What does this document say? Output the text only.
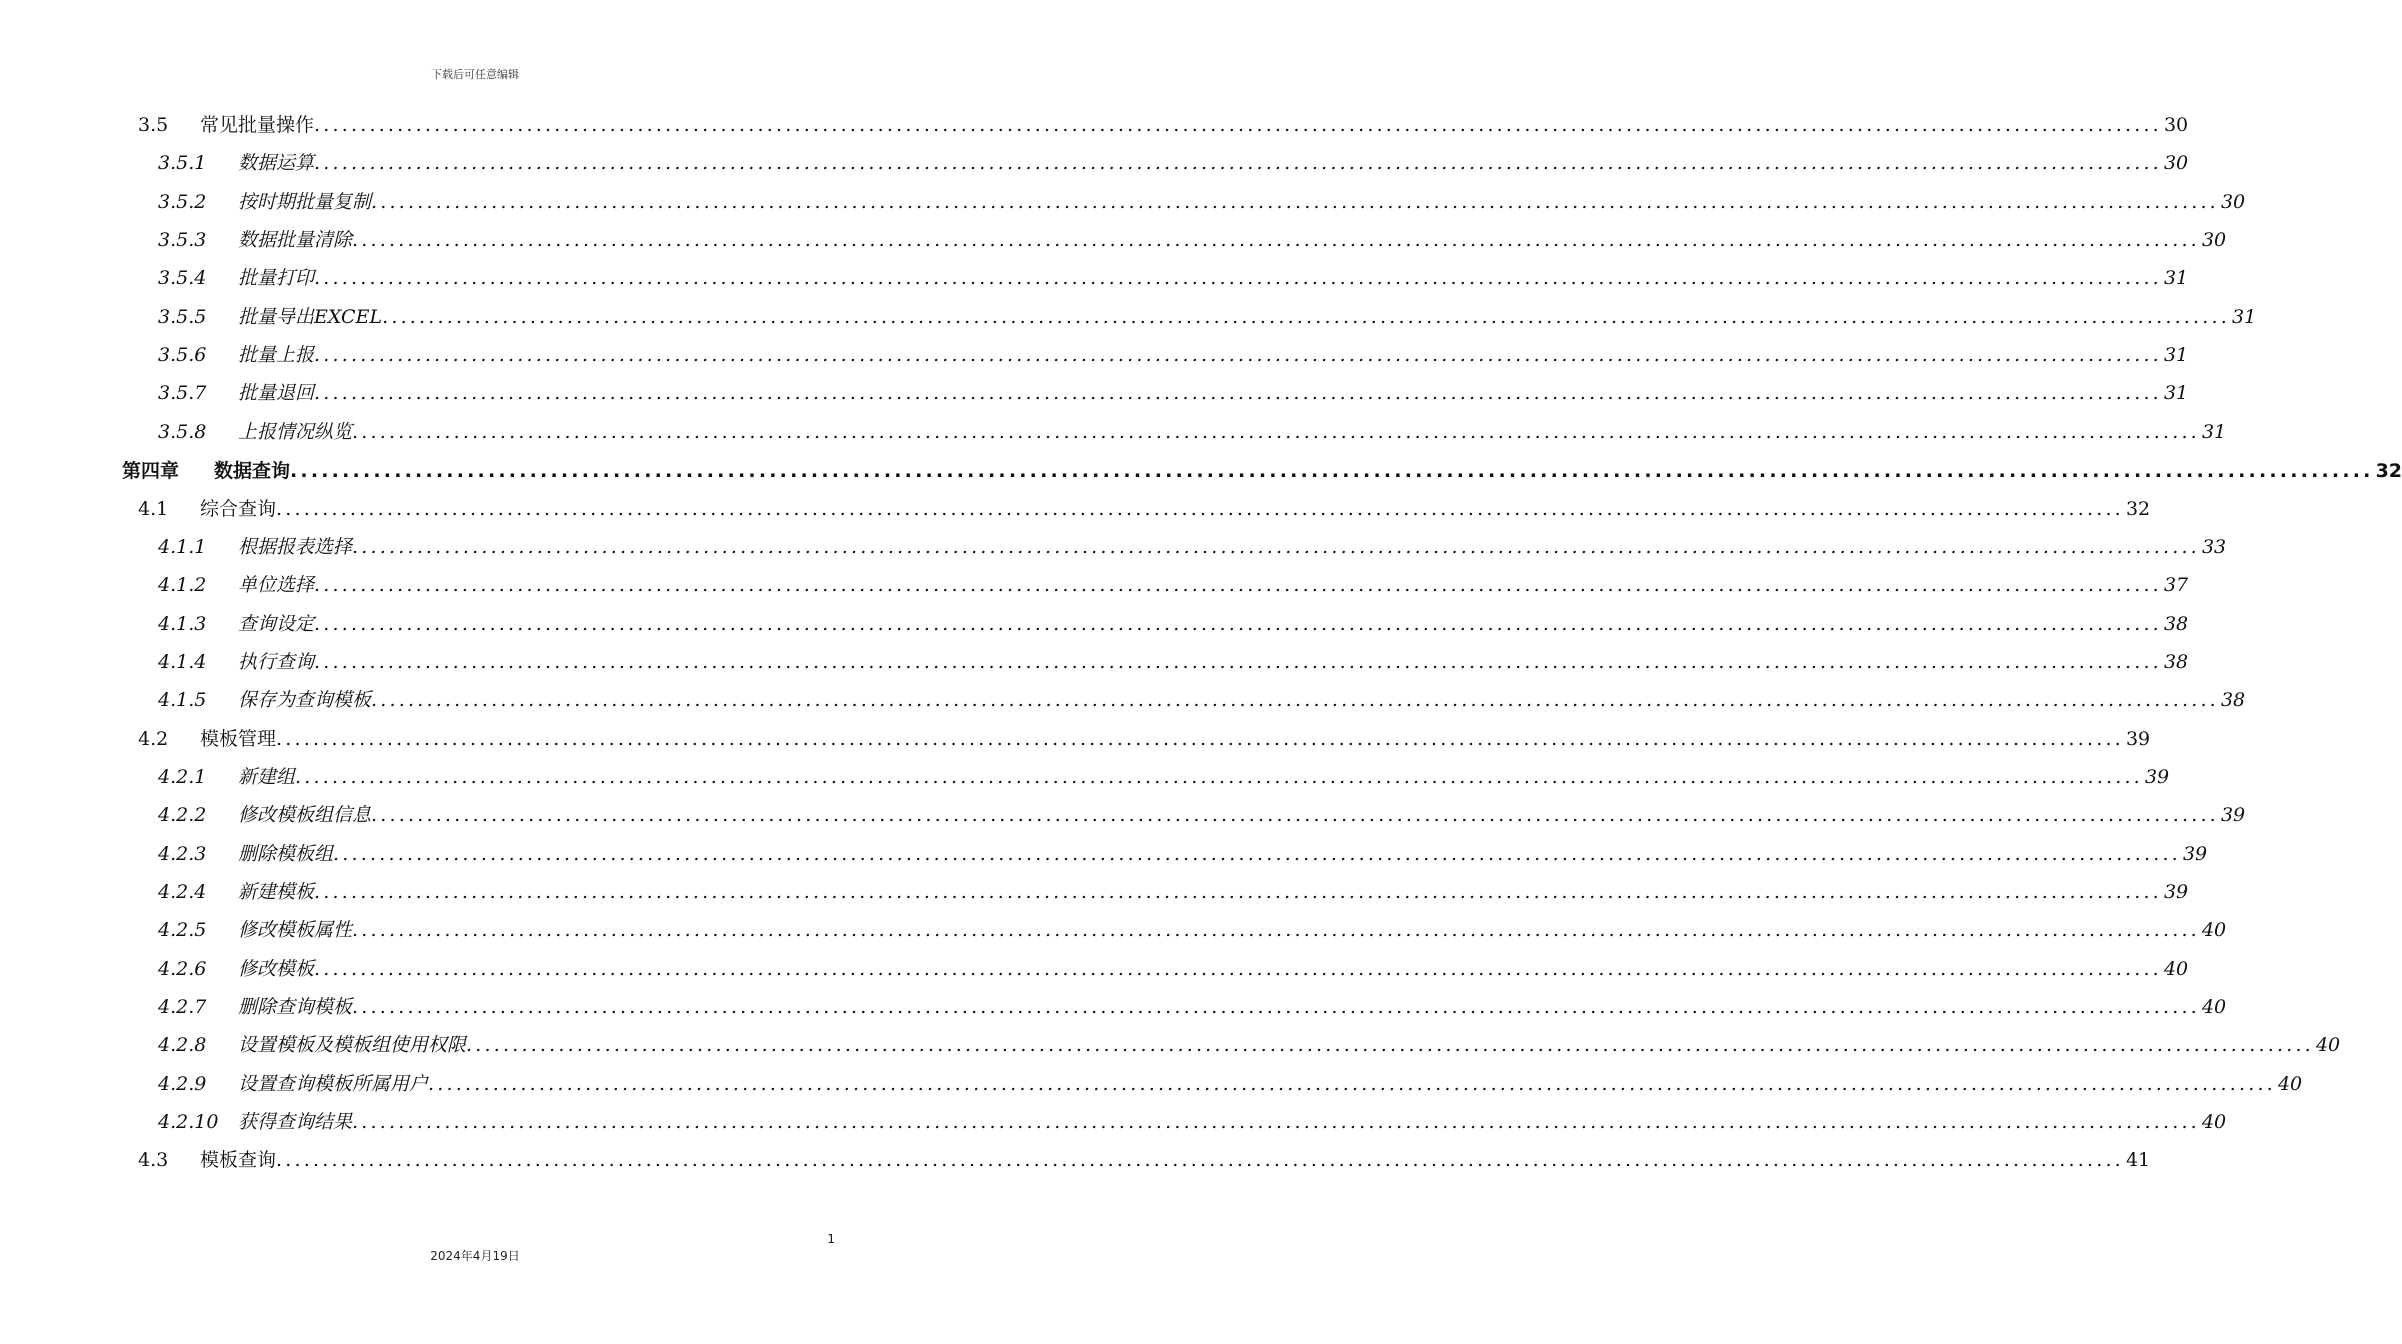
下载后可任意编辑
3.5	常见批量操作 ........................................................................................................................................................................................................ 30
3.5.1	数据运算 ........................................................................................................................................................................................................ 30
3.5.2	按时期批量复制 ........................................................................................................................................................................................................ 30
3.5.3	数据批量清除 ........................................................................................................................................................................................................ 30
3.5.4	批量打印 ........................................................................................................................................................................................................ 31
3.5.5	批量导出EXCEL ........................................................................................................................................................................................................ 31
3.5.6	批量上报 ........................................................................................................................................................................................................ 31
3.5.7	批量退回 ........................................................................................................................................................................................................ 31
3.5.8	上报情况纵览 ........................................................................................................................................................................................................ 31
第四章	数据查询 ........................................................................................................................................................................................................ 32
4.1	综合查询 ........................................................................................................................................................................................................ 32
4.1.1	根据报表选择 ........................................................................................................................................................................................................ 33
4.1.2	单位选择 ........................................................................................................................................................................................................ 37
4.1.3	查询设定 ........................................................................................................................................................................................................ 38
4.1.4	执行查询 ........................................................................................................................................................................................................ 38
4.1.5	保存为查询模板 ........................................................................................................................................................................................................ 38
4.2	模板管理 ........................................................................................................................................................................................................ 39
4.2.1	新建组 ........................................................................................................................................................................................................ 39
4.2.2	修改模板组信息 ........................................................................................................................................................................................................ 39
4.2.3	删除模板组 ........................................................................................................................................................................................................ 39
4.2.4	新建模板 ........................................................................................................................................................................................................ 39
4.2.5	修改模板属性 ........................................................................................................................................................................................................ 40
4.2.6	修改模板 ........................................................................................................................................................................................................ 40
4.2.7	删除查询模板 ........................................................................................................................................................................................................ 40
4.2.8	设置模板及模板组使用权限 ........................................................................................................................................................................................................ 40
4.2.9	设置查询模板所属用户 ........................................................................................................................................................................................................ 40
4.2.10	获得查询结果 ........................................................................................................................................................................................................ 40
4.3	模板查询 ........................................................................................................................................................................................................ 41
1
2024年4月19日
